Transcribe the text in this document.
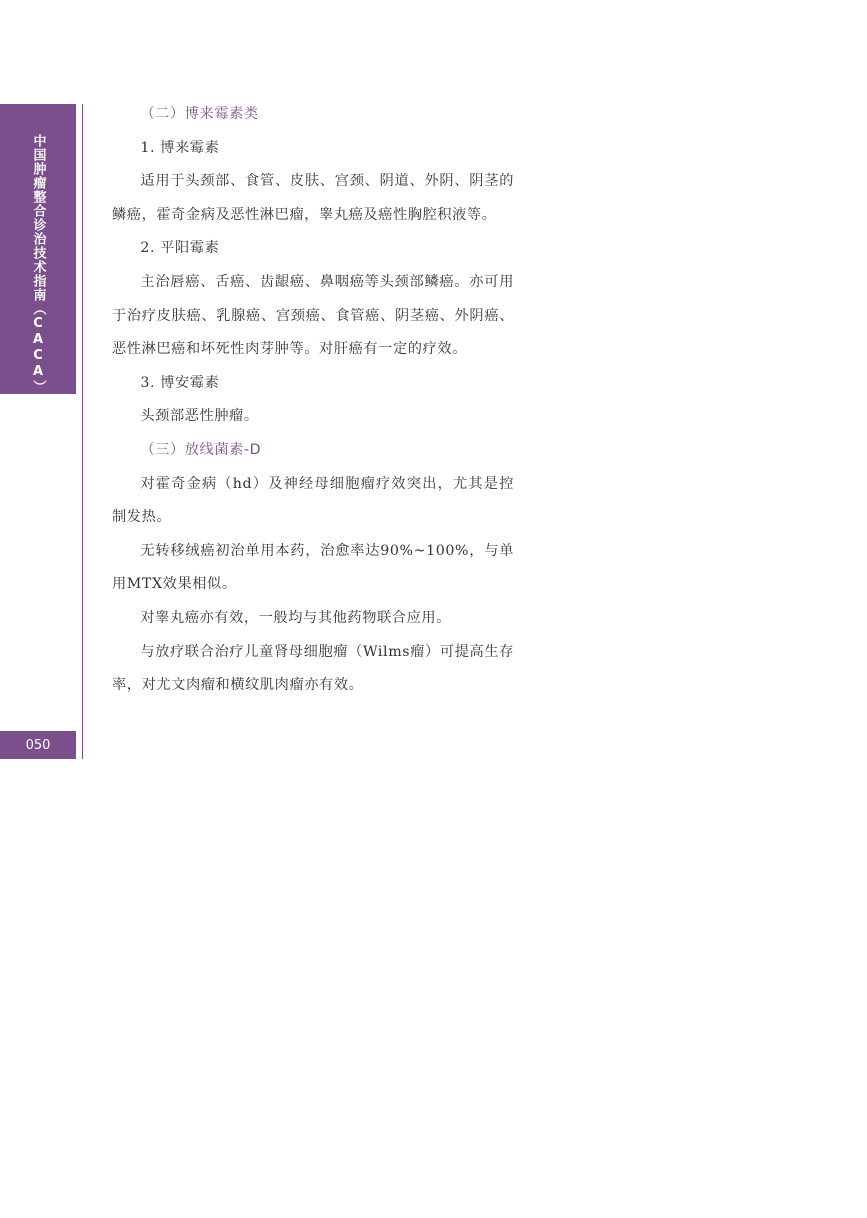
中国肿瘤整合诊治技术指南（CACA）
050

（二）博来霉素类

1. 博来霉素

适用于头颈部、食管、皮肤、宫颈、阴道、外阴、阴茎的鳞癌，霍奇金病及恶性淋巴瘤，睾丸癌及癌性胸腔积液等。

2. 平阳霉素

主治唇癌、舌癌、齿龈癌、鼻咽癌等头颈部鳞癌。亦可用于治疗皮肤癌、乳腺癌、宫颈癌、食管癌、阴茎癌、外阴癌、恶性淋巴癌和坏死性肉芽肿等。对肝癌有一定的疗效。

3. 博安霉素

头颈部恶性肿瘤。

（三）放线菌素-D

对霍奇金病（hd）及神经母细胞瘤疗效突出，尤其是控制发热。

无转移绒癌初治单用本药，治愈率达90%~100%，与单用MTX效果相似。

对睾丸癌亦有效，一般均与其他药物联合应用。

与放疗联合治疗儿童肾母细胞瘤（Wilms瘤）可提高生存率，对尤文肉瘤和横纹肌肉瘤亦有效。
